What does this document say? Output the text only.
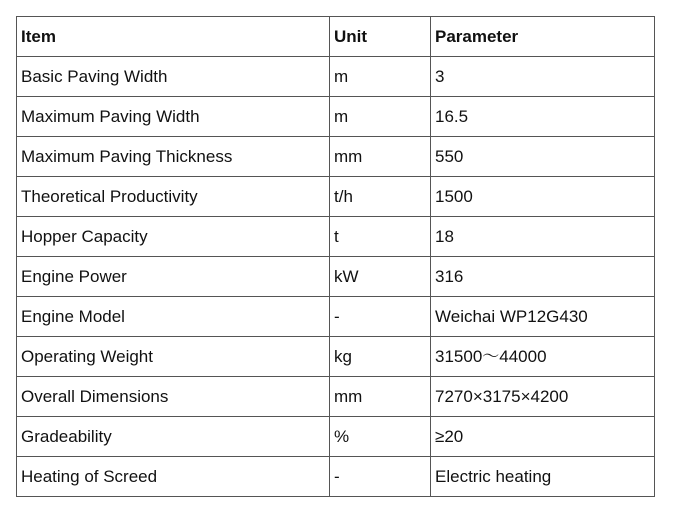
Item	Unit	Parameter
Basic Paving Width	m	3
Maximum Paving Width	m	16.5
Maximum Paving Thickness	mm	550
Theoretical Productivity	t/h	1500
Hopper Capacity	t	18
Engine Power	kW	316
Engine Model	-	Weichai WP12G430
Operating Weight	kg	31500～44000
Overall Dimensions	mm	7270×3175×4200
Gradeability	%	≥20
Heating of Screed	-	Electric heating
